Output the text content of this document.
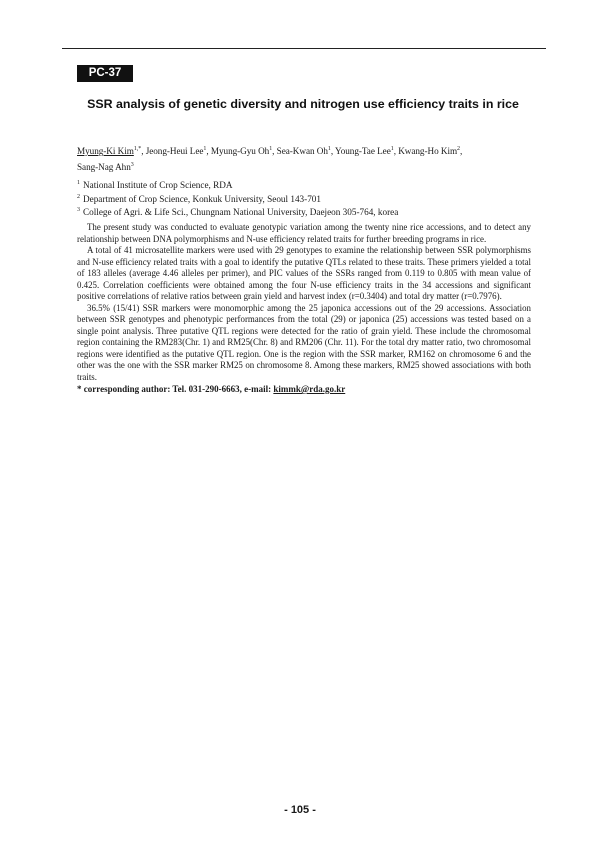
PC-37
SSR analysis of genetic diversity and nitrogen use efficiency traits in rice
Myung-Ki Kim$^{1,*}$, Jeong-Heui Lee$^1$, Myung-Gyu Oh$^1$, Sea-Kwan Oh$^1$, Young-Tae Lee$^1$, Kwang-Ho Kim$^2$,
Sang-Nag Ahn$^3$
$^1$ National Institute of Crop Science, RDA
$^2$ Department of Crop Science, Konkuk University, Seoul 143-701
$^3$ College of Agri. & Life Sci., Chungnam National University, Daejeon 305-764, korea

The present study was conducted to evaluate genotypic variation among the twenty nine rice accessions, and to detect any relationship between DNA polymorphisms and N-use efficiency related traits for further breeding programs in rice.

A total of 41 microsatellite markers were used with 29 genotypes to examine the relationship between SSR polymorphisms and N-use efficiency related traits with a goal to identify the putative QTLs related to these traits. These primers yielded a total of 183 alleles (average 4.46 alleles per primer), and PIC values of the SSRs ranged from 0.119 to 0.805 with mean value of 0.425. Correlation coefficients were obtained among the four N-use efficiency traits in the 34 accessions and significant positive correlations of relative ratios between grain yield and harvest index (r=0.3404) and total dry matter (r=0.7976).

36.5% (15/41) SSR markers were monomorphic among the 25 japonica accessions out of the 29 accessions. Association between SSR genotypes and phenotypic performances from the total (29) or japonica (25) accessions was tested based on a single point analysis. Three putative QTL regions were detected for the ratio of grain yield. These include the chromosomal region containing the RM283(Chr. 1) and RM25(Chr. 8) and RM206 (Chr. 11). For the total dry matter ratio, two chromosomal regions were identified as the putative QTL region. One is the region with the SSR marker, RM162 on chromosome 6 and the other was the one with the SSR marker RM25 on chromosome 8. Among these markers, RM25 showed associations with both traits.

* corresponding author: Tel. 031-290-6663, e-mail: kimmk@rda.go.kr
- 105 -
